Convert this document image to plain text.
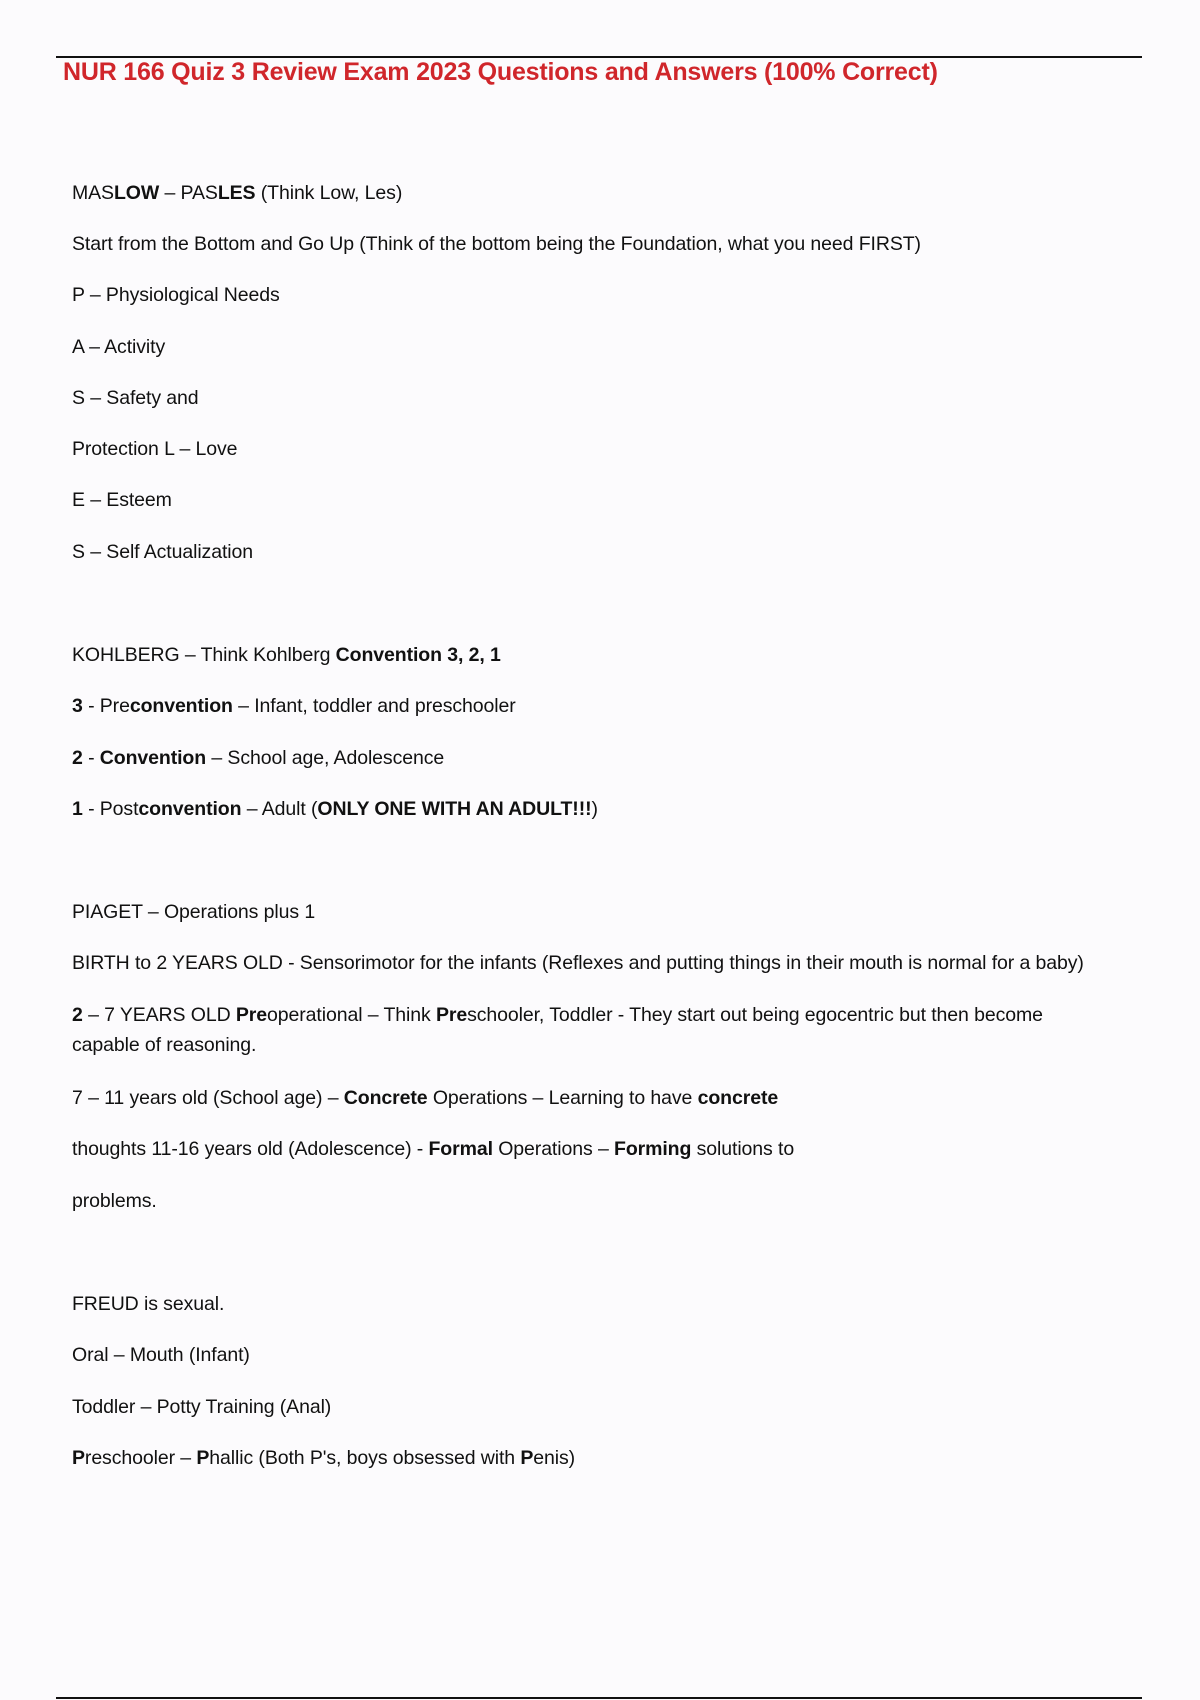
NUR 166 Quiz 3 Review Exam 2023 Questions and Answers (100% Correct)

MASLOW – PASLES (Think Low, Les)

Start from the Bottom and Go Up (Think of the bottom being the Foundation, what you need FIRST)

P – Physiological Needs

A – Activity

S – Safety and

Protection L – Love

E – Esteem

S – Self Actualization

KOHLBERG – Think Kohlberg Convention 3, 2, 1

3 - Preconvention – Infant, toddler and preschooler

2 - Convention – School age, Adolescence

1 - Postconvention – Adult (ONLY ONE WITH AN ADULT!!!)

PIAGET – Operations plus 1

BIRTH to 2 YEARS OLD - Sensorimotor for the infants (Reflexes and putting things in their mouth is normal for a baby)

2 – 7 YEARS OLD Preoperational – Think Preschooler, Toddler - They start out being egocentric but then become capable of reasoning.

7 – 11 years old (School age) – Concrete Operations – Learning to have concrete

thoughts 11-16 years old (Adolescence) - Formal Operations – Forming solutions to

problems.

FREUD is sexual.

Oral – Mouth (Infant)

Toddler – Potty Training (Anal)

Preschooler – Phallic (Both P's, boys obsessed with Penis)
